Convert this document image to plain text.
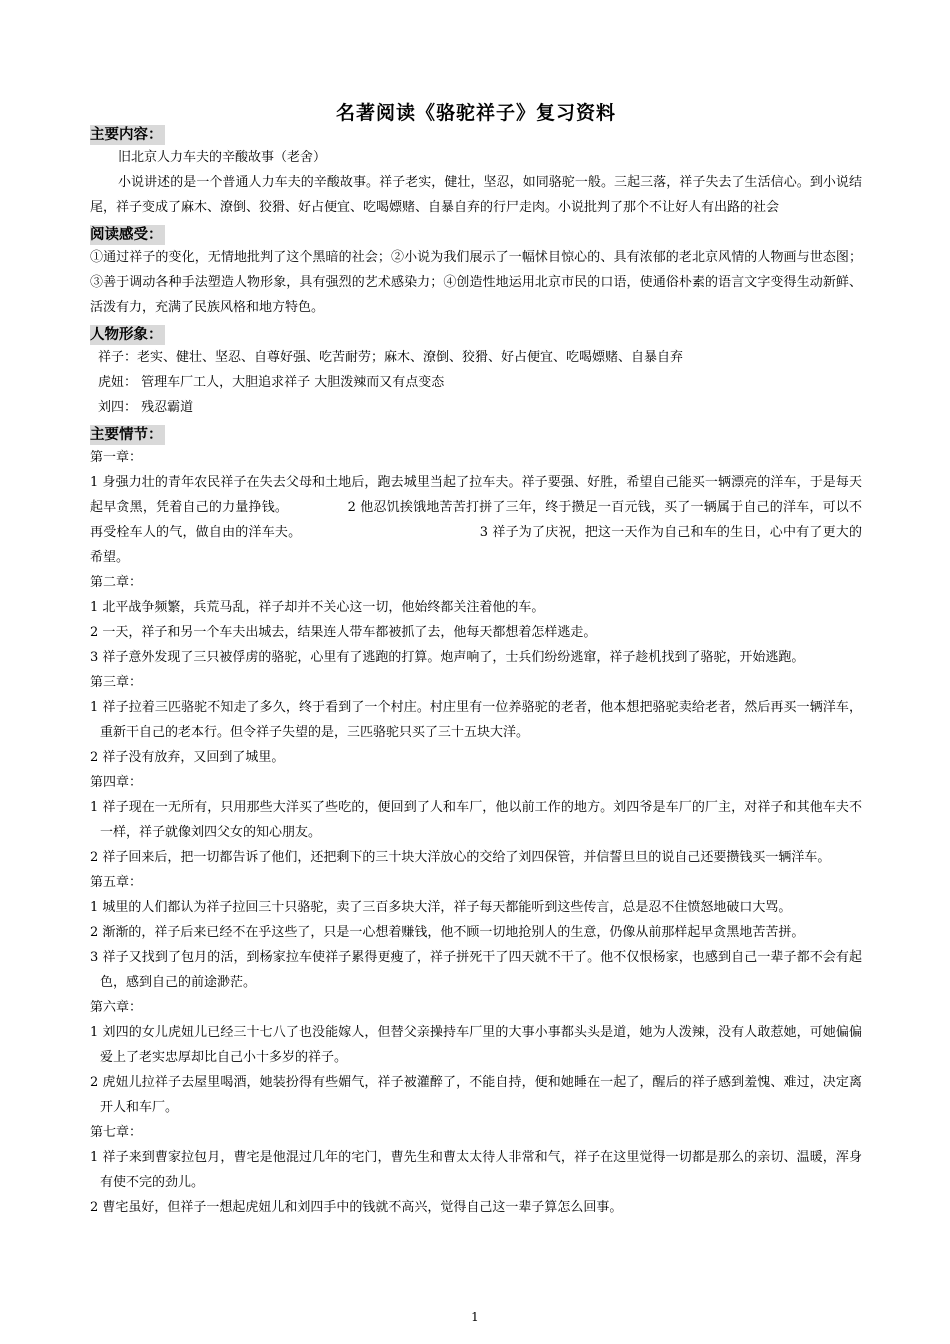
名著阅读《骆驼祥子》复习资料
主要内容：

旧北京人力车夫的辛酸故事（老舍）

小说讲述的是一个普通人力车夫的辛酸故事。祥子老实，健壮，坚忍，如同骆驼一般。三起三落，祥子失去了生活信心。到小说结尾，祥子变成了麻木、潦倒、狡猾、好占便宜、吃喝嫖赌、自暴自弃的行尸走肉。小说批判了那个不让好人有出路的社会

阅读感受：

①通过祥子的变化，无情地批判了这个黑暗的社会；②小说为我们展示了一幅怵目惊心的、具有浓郁的老北京风情的人物画与世态图；③善于调动各种手法塑造人物形象，具有强烈的艺术感染力；④创造性地运用北京市民的口语，使通俗朴素的语言文字变得生动新鲜、活泼有力，充满了民族风格和地方特色。

人物形象：

祥子：老实、健壮、坚忍、自尊好强、吃苦耐劳；麻木、潦倒、狡猾、好占便宜、吃喝嫖赌、自暴自弃

虎妞： 管理车厂工人，大胆追求祥子 大胆泼辣而又有点变态

刘四： 残忍霸道

主要情节：

第一章：

1 身强力壮的青年农民祥子在失去父母和土地后，跑去城里当起了拉车夫。祥子要强、好胜，希望自己能买一辆漂亮的洋车，于是每天起早贪黑，凭着自己的力量挣钱。　　　　　2 他忍饥挨饿地苦苦打拼了三年，终于攒足一百元钱，买了一辆属于自己的洋车，可以不再受栓车人的气，做自由的洋车夫。　　　　　　　　　　　　　　3 祥子为了庆祝，把这一天作为自己和车的生日，心中有了更大的希望。

第二章：

1 北平战争频繁，兵荒马乱，祥子却并不关心这一切，他始终都关注着他的车。

2 一天，祥子和另一个车夫出城去，结果连人带车都被抓了去，他每天都想着怎样逃走。

3 祥子意外发现了三只被俘虏的骆驼，心里有了逃跑的打算。炮声响了，士兵们纷纷逃窜，祥子趁机找到了骆驼，开始逃跑。

第三章：

1 祥子拉着三匹骆驼不知走了多久，终于看到了一个村庄。村庄里有一位养骆驼的老者，他本想把骆驼卖给老者，然后再买一辆洋车，重新干自己的老本行。但令祥子失望的是，三匹骆驼只买了三十五块大洋。

2 祥子没有放弃，又回到了城里。

第四章：

1 祥子现在一无所有，只用那些大洋买了些吃的，便回到了人和车厂，他以前工作的地方。刘四爷是车厂的厂主，对祥子和其他车夫不一样，祥子就像刘四父女的知心朋友。

2 祥子回来后，把一切都告诉了他们，还把剩下的三十块大洋放心的交给了刘四保管，并信誓旦旦的说自己还要攒钱买一辆洋车。

第五章：

1 城里的人们都认为祥子拉回三十只骆驼，卖了三百多块大洋，祥子每天都能听到这些传言，总是忍不住愤怒地破口大骂。

2 渐渐的，祥子后来已经不在乎这些了，只是一心想着赚钱，他不顾一切地抢别人的生意，仍像从前那样起早贪黑地苦苦拼。

3 祥子又找到了包月的活，到杨家拉车使祥子累得更瘦了，祥子拼死干了四天就不干了。他不仅恨杨家，也感到自己一辈子都不会有起色，感到自己的前途渺茫。

第六章：

1 刘四的女儿虎妞儿已经三十七八了也没能嫁人，但替父亲操持车厂里的大事小事都头头是道，她为人泼辣，没有人敢惹她，可她偏偏爱上了老实忠厚却比自己小十多岁的祥子。

2 虎妞儿拉祥子去屋里喝酒，她装扮得有些媚气，祥子被灌醉了，不能自持，便和她睡在一起了，醒后的祥子感到羞愧、难过，决定离开人和车厂。

第七章：

1 祥子来到曹家拉包月，曹宅是他混过几年的宅门，曹先生和曹太太待人非常和气，祥子在这里觉得一切都是那么的亲切、温暖，浑身有使不完的劲儿。

2 曹宅虽好，但祥子一想起虎妞儿和刘四手中的钱就不高兴，觉得自己这一辈子算怎么回事。

1
